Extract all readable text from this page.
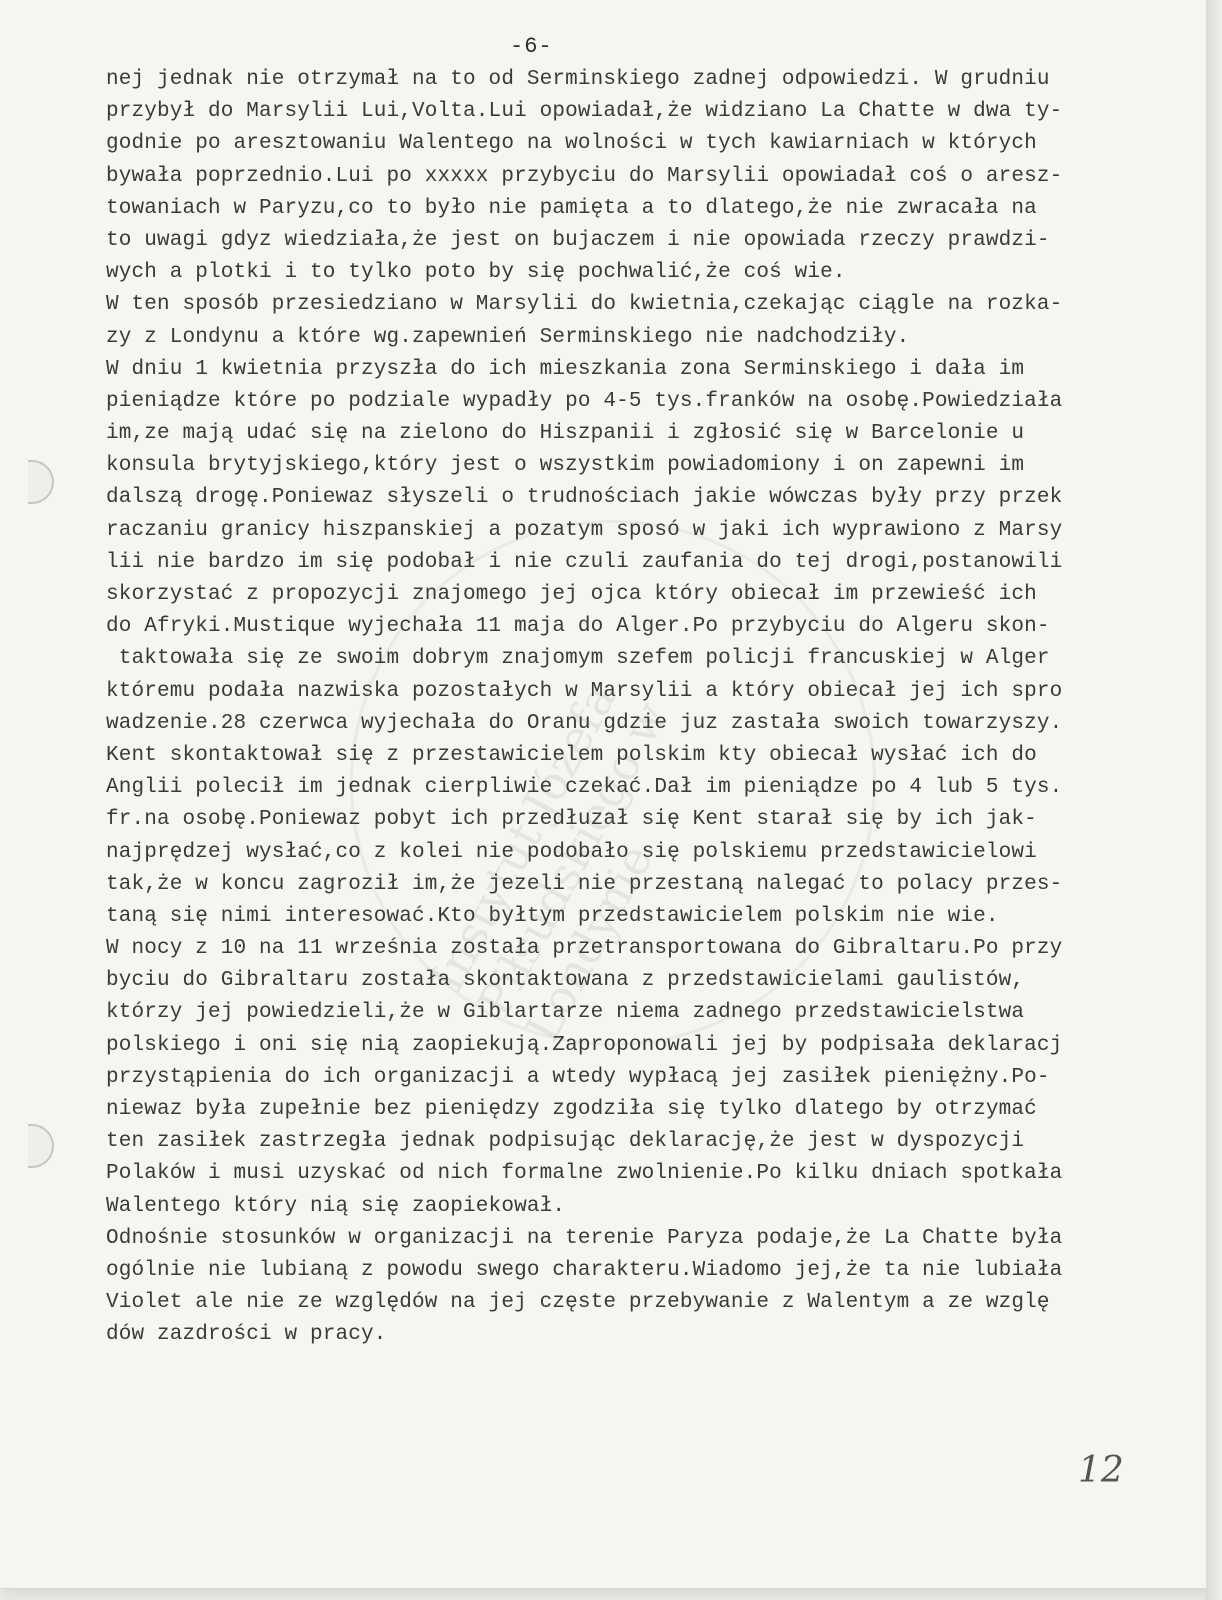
Instytut Józefa Piłsudskiego w Londynie
-6-
nej jednak nie otrzymał na to od Serminskiego zadnej odpowiedzi. W grudniu
przybył do Marsylii Lui,Volta.Lui opowiadał,że widziano La Chatte w dwa ty-
godnie po aresztowaniu Walentego na wolności w tych kawiarniach w których
bywała poprzednio.Lui po xxxxx przybyciu do Marsylii opowiadał coś o aresz-
towaniach w Paryzu,co to było nie pamięta a to dlatego,że nie zwracała na
to uwagi gdyz wiedziała,że jest on bujaczem i nie opowiada rzeczy prawdzi-
wych a plotki i to tylko poto by się pochwalić,że coś wie.
W ten sposób przesiedziano w Marsylii do kwietnia,czekając ciągle na rozka-
zy z Londynu a które wg.zapewnień Serminskiego nie nadchodziły.
W dniu 1 kwietnia przyszła do ich mieszkania zona Serminskiego i dała im
pieniądze które po podziale wypadły po 4-5 tys.franków na osobę.Powiedziała
im,ze mają udać się na zielono do Hiszpanii i zgłosić się w Barcelonie u
konsula brytyjskiego,który jest o wszystkim powiadomiony i on zapewni im
dalszą drogę.Poniewaz słyszeli o trudnościach jakie wówczas były przy przek
raczaniu granicy hiszpanskiej a pozatym sposó w jaki ich wyprawiono z Marsy
lii nie bardzo im się podobał i nie czuli zaufania do tej drogi,postanowili
skorzystać z propozycji znajomego jej ojca który obiecał im przewieść ich
do Afryki.Mustique wyjechała 11 maja do Alger.Po przybyciu do Algeru skon-
taktowała się ze swoim dobrym znajomym szefem policji francuskiej w Alger
któremu podała nazwiska pozostałych w Marsylii a który obiecał jej ich spro
wadzenie.28 czerwca wyjechała do Oranu gdzie juz zastała swoich towarzyszy.
Kent skontaktował się z przestawicielem polskim kty obiecał wysłać ich do
Anglii polecił im jednak cierpliwie czekać.Dał im pieniądze po 4 lub 5 tys.
fr.na osobę.Poniewaz pobyt ich przedłuzał się Kent starał się by ich jak-
najprędzej wysłać,co z kolei nie podobało się polskiemu przedstawicielowi
tak,że w koncu zagroził im,że jezeli nie przestaną nalegać to polacy przes-
taną się nimi interesować.Kto byłtym przedstawicielem polskim nie wie.
W nocy z 10 na 11 września została przetransportowana do Gibraltaru.Po przy
byciu do Gibraltaru została skontaktowana z przedstawicielami gaulistów,
którzy jej powiedzieli,że w Giblartarze niema zadnego przedstawicielstwa
polskiego i oni się nią zaopiekują.Zaproponowali jej by podpisała deklaracj
przystąpienia do ich organizacji a wtedy wypłacą jej zasiłek pieniężny.Po-
niewaz była zupełnie bez pieniędzy zgodziła się tylko dlatego by otrzymać
ten zasiłek zastrzegła jednak podpisując deklarację,że jest w dyspozycji
Polaków i musi uzyskać od nich formalne zwolnienie.Po kilku dniach spotkała
Walentego który nią się zaopiekował.
Odnośnie stosunków w organizacji na terenie Paryza podaje,że La Chatte była
ogólnie nie lubianą z powodu swego charakteru.Wiadomo jej,że ta nie lubiała
Violet ale nie ze względów na jej częste przebywanie z Walentym a ze wzglę
dów zazdrości w pracy.
12
